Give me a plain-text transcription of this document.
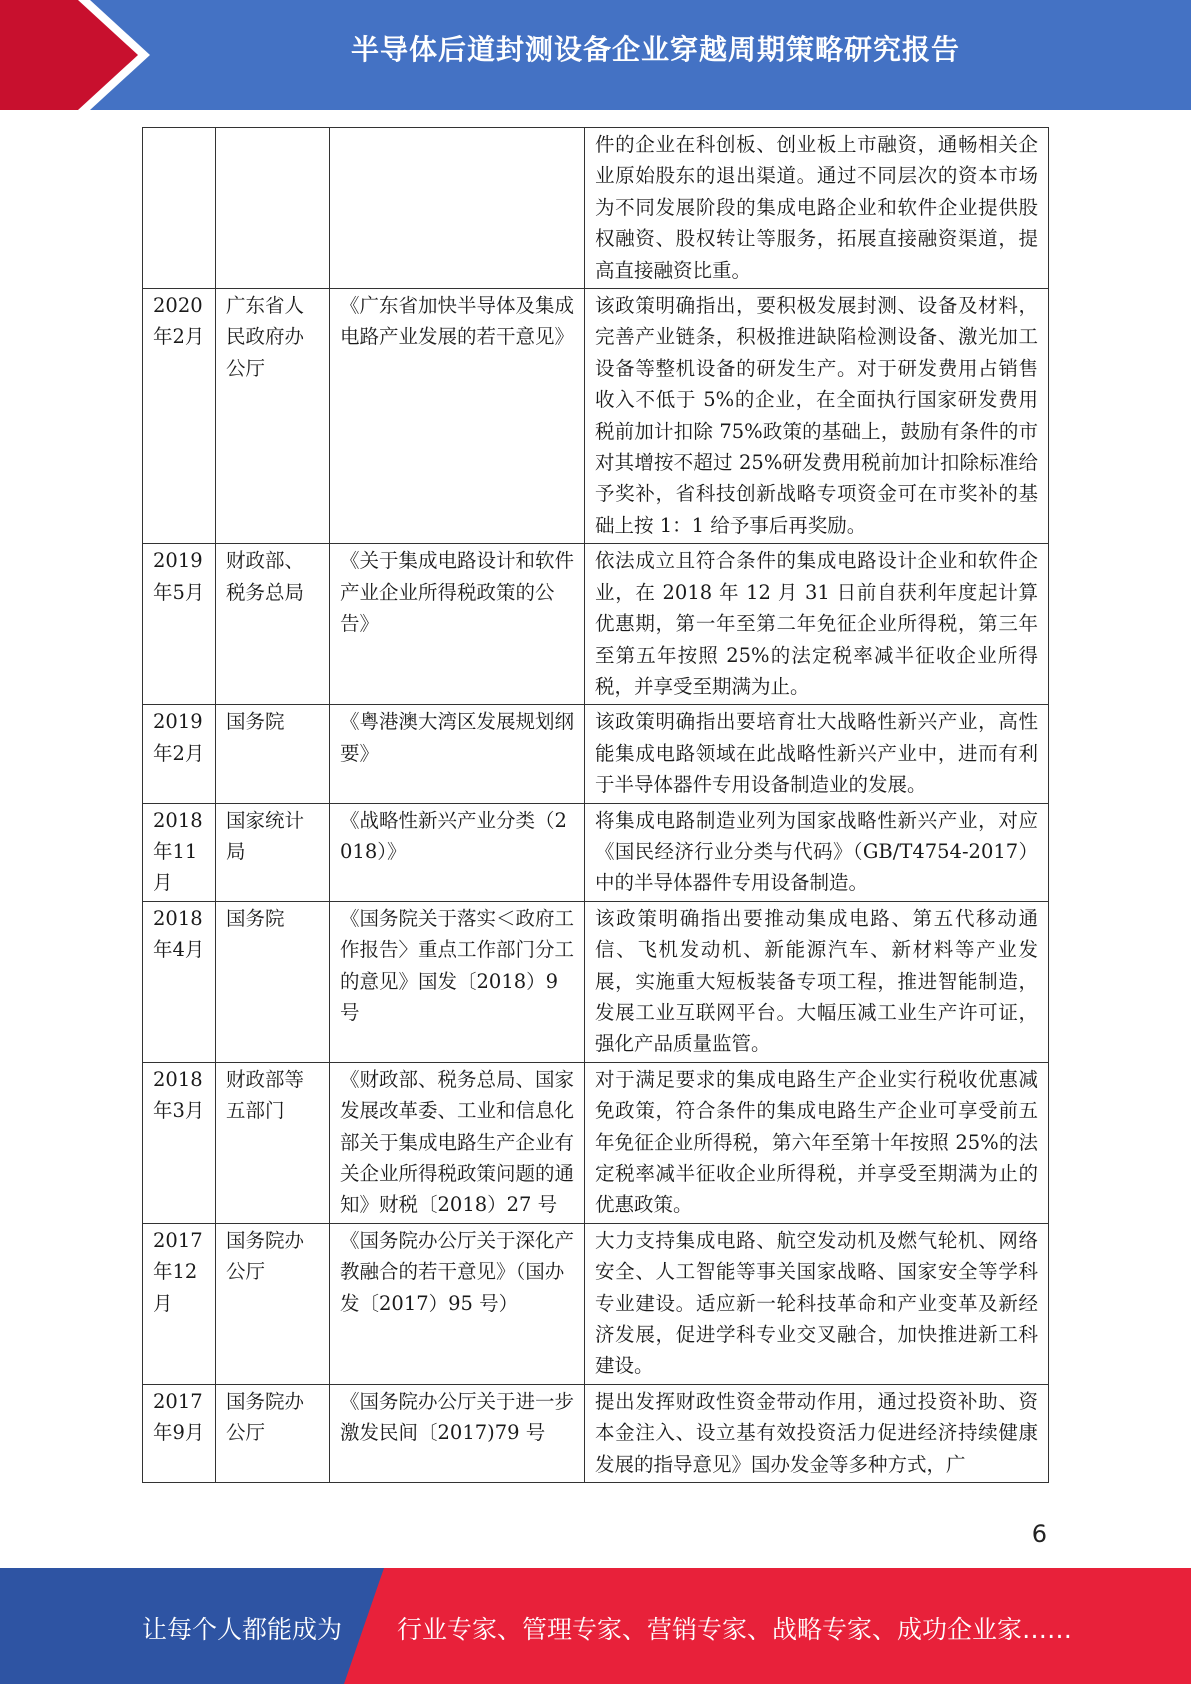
半导体后道封测设备企业穿越周期策略研究报告
			件的企业在科创板、创业板上市融资，通畅相关企业原始股东的退出渠道。通过不同层次的资本市场为不同发展阶段的集成电路企业和软件企业提供股权融资、股权转让等服务，拓展直接融资渠道，提高直接融资比重。
2020年2月	广东省人民政府办公厅	《广东省加快半导体及集成电路产业发展的若干意见》	该政策明确指出，要积极发展封测、设备及材料，完善产业链条，积极推进缺陷检测设备、激光加工设备等整机设备的研发生产。对于研发费用占销售收入不低于 5%的企业，在全面执行国家研发费用税前加计扣除 75%政策的基础上，鼓励有条件的市对其增按不超过 25%研发费用税前加计扣除标准给予奖补，省科技创新战略专项资金可在市奖补的基础上按 1：1 给予事后再奖励。
2019年5月	财政部、税务总局	《关于集成电路设计和软件产业企业所得税政策的公告》	依法成立且符合条件的集成电路设计企业和软件企业，在 2018 年 12 月 31 日前自获利年度起计算优惠期，第一年至第二年免征企业所得税，第三年至第五年按照 25%的法定税率减半征收企业所得税，并享受至期满为止。
2019年2月	国务院	《粤港澳大湾区发展规划纲要》	该政策明确指出要培育壮大战略性新兴产业，高性能集成电路领域在此战略性新兴产业中，进而有利于半导体器件专用设备制造业的发展。
2018年11月	国家统计局	《战略性新兴产业分类（2018）》	将集成电路制造业列为国家战略性新兴产业，对应《国民经济行业分类与代码》（GB/T4754-2017）中的半导体器件专用设备制造。
2018年4月	国务院	《国务院关于落实＜政府工作报告〉重点工作部门分工的意见》国发〔2018）9 号	该政策明确指出要推动集成电路、第五代移动通信、飞机发动机、新能源汽车、新材料等产业发展，实施重大短板装备专项工程，推进智能制造，发展工业互联网平台。大幅压减工业生产许可证，强化产品质量监管。
2018年3月	财政部等五部门	《财政部、税务总局、国家发展改革委、工业和信息化部关于集成电路生产企业有关企业所得税政策问题的通知》财税〔2018）27 号	对于满足要求的集成电路生产企业实行税收优惠减免政策，符合条件的集成电路生产企业可享受前五年免征企业所得税，第六年至第十年按照 25%的法定税率减半征收企业所得税，并享受至期满为止的优惠政策。
2017年12月	国务院办公厅	《国务院办公厅关于深化产教融合的若干意见》（国办发〔2017）95 号）	大力支持集成电路、航空发动机及燃气轮机、网络安全、人工智能等事关国家战略、国家安全等学科专业建设。适应新一轮科技革命和产业变革及新经济发展，促进学科专业交叉融合，加快推进新工科建设。
2017年9月	国务院办公厅	《国务院办公厅关于进一步激发民间〔2017)79 号	提出发挥财政性资金带动作用，通过投资补助、资本金注入、设立基有效投资活力促进经济持续健康发展的指导意见》国办发金等多种方式，广
6
让每个人都能成为 行业专家、管理专家、营销专家、战略专家、成功企业家……
